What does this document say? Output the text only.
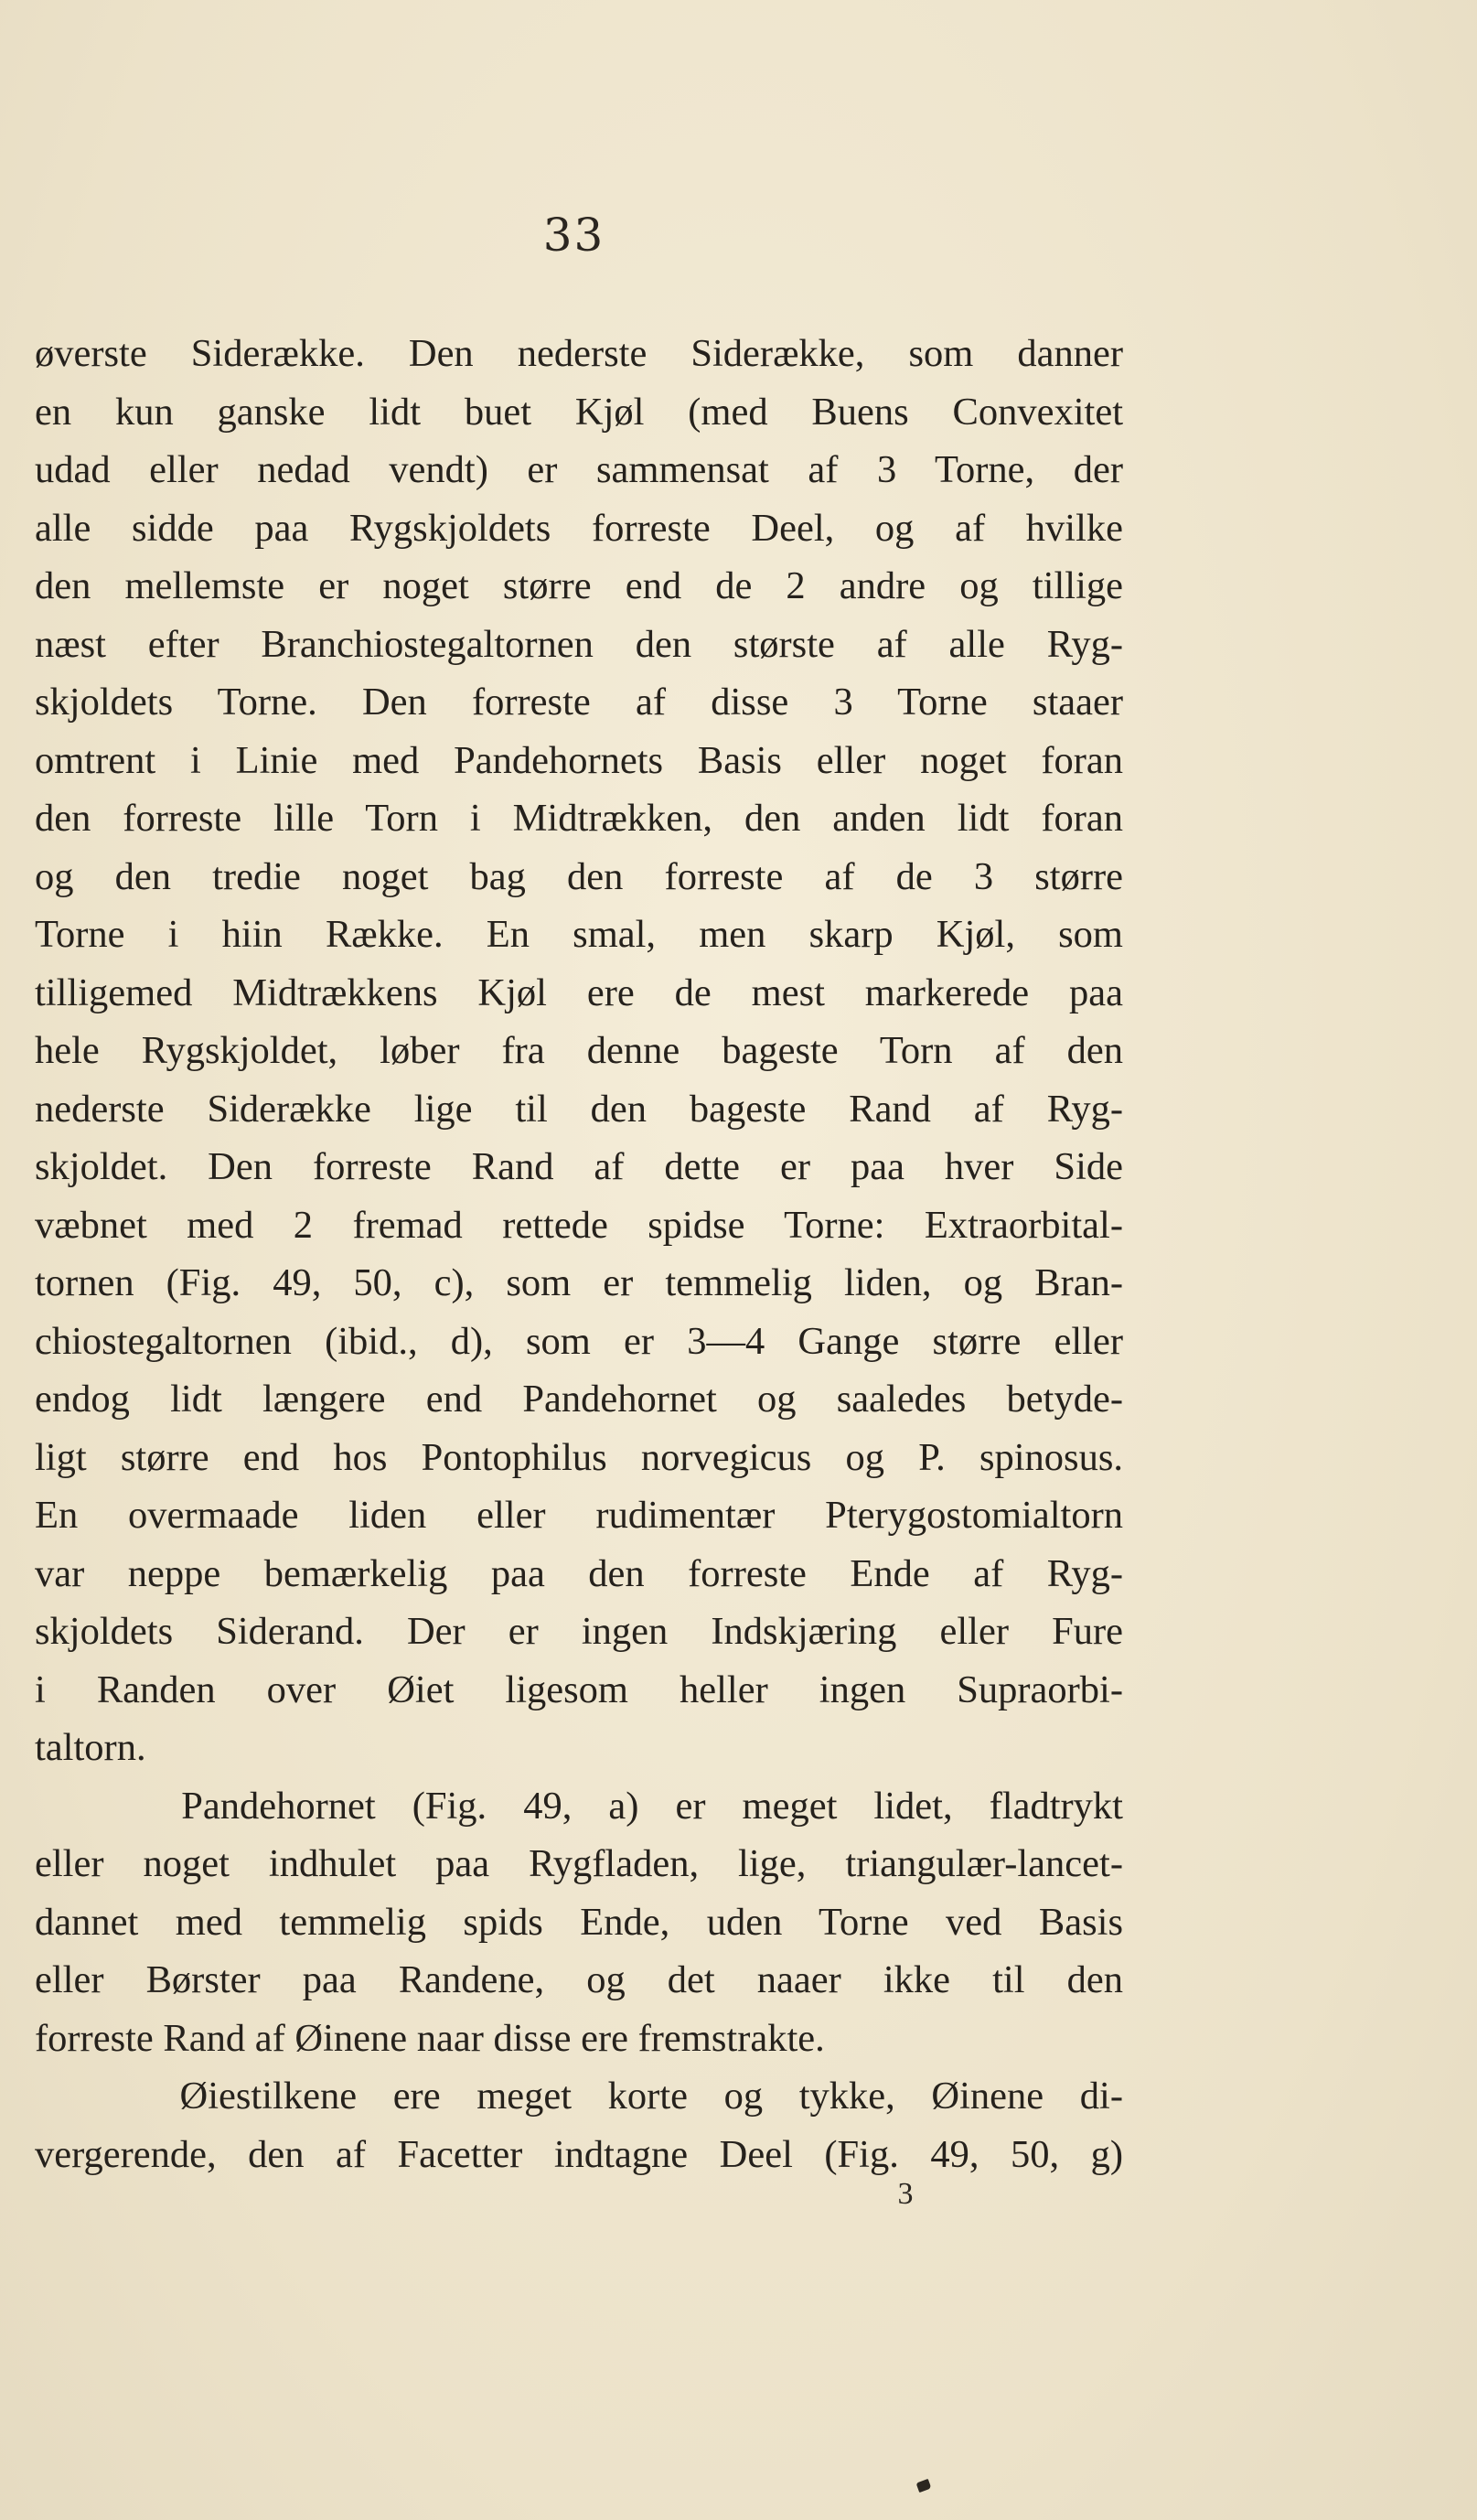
33
øverste Siderække. Den nederste Siderække, som danner
en kun ganske lidt buet Kjøl (med Buens Convexitet
udad eller nedad vendt) er sammensat af 3 Torne, der
alle sidde paa Rygskjoldets forreste Deel, og af hvilke
den mellemste er noget større end de 2 andre og tillige
næst efter Branchiostegaltornen den største af alle Ryg-
skjoldets Torne. Den forreste af disse 3 Torne staaer
omtrent i Linie med Pandehornets Basis eller noget foran
den forreste lille Torn i Midtrækken, den anden lidt foran
og den tredie noget bag den forreste af de 3 større
Torne i hiin Række. En smal, men skarp Kjøl, som
tilligemed Midtrækkens Kjøl ere de mest markerede paa
hele Rygskjoldet, løber fra denne bageste Torn af den
nederste Siderække lige til den bageste Rand af Ryg-
skjoldet. Den forreste Rand af dette er paa hver Side
væbnet med 2 fremad rettede spidse Torne: Extraorbital-
tornen (Fig. 49, 50, c), som er temmelig liden, og Bran-
chiostegaltornen (ibid., d), som er 3—4 Gange større eller
endog lidt længere end Pandehornet og saaledes betyde-
ligt større end hos Pontophilus norvegicus og P. spinosus.
En overmaade liden eller rudimentær Pterygostomialtorn
var neppe bemærkelig paa den forreste Ende af Ryg-
skjoldets Siderand. Der er ingen Indskjæring eller Fure
i Randen over Øiet ligesom heller ingen Supraorbi-
taltorn.
Pandehornet (Fig. 49, a) er meget lidet, fladtrykt
eller noget indhulet paa Rygfladen, lige, triangulær-lancet-
dannet med temmelig spids Ende, uden Torne ved Basis
eller Børster paa Randene, og det naaer ikke til den
forreste Rand af Øinene naar disse ere fremstrakte.
Øiestilkene ere meget korte og tykke, Øinene di-
vergerende, den af Facetter indtagne Deel (Fig. 49, 50, g)
3
